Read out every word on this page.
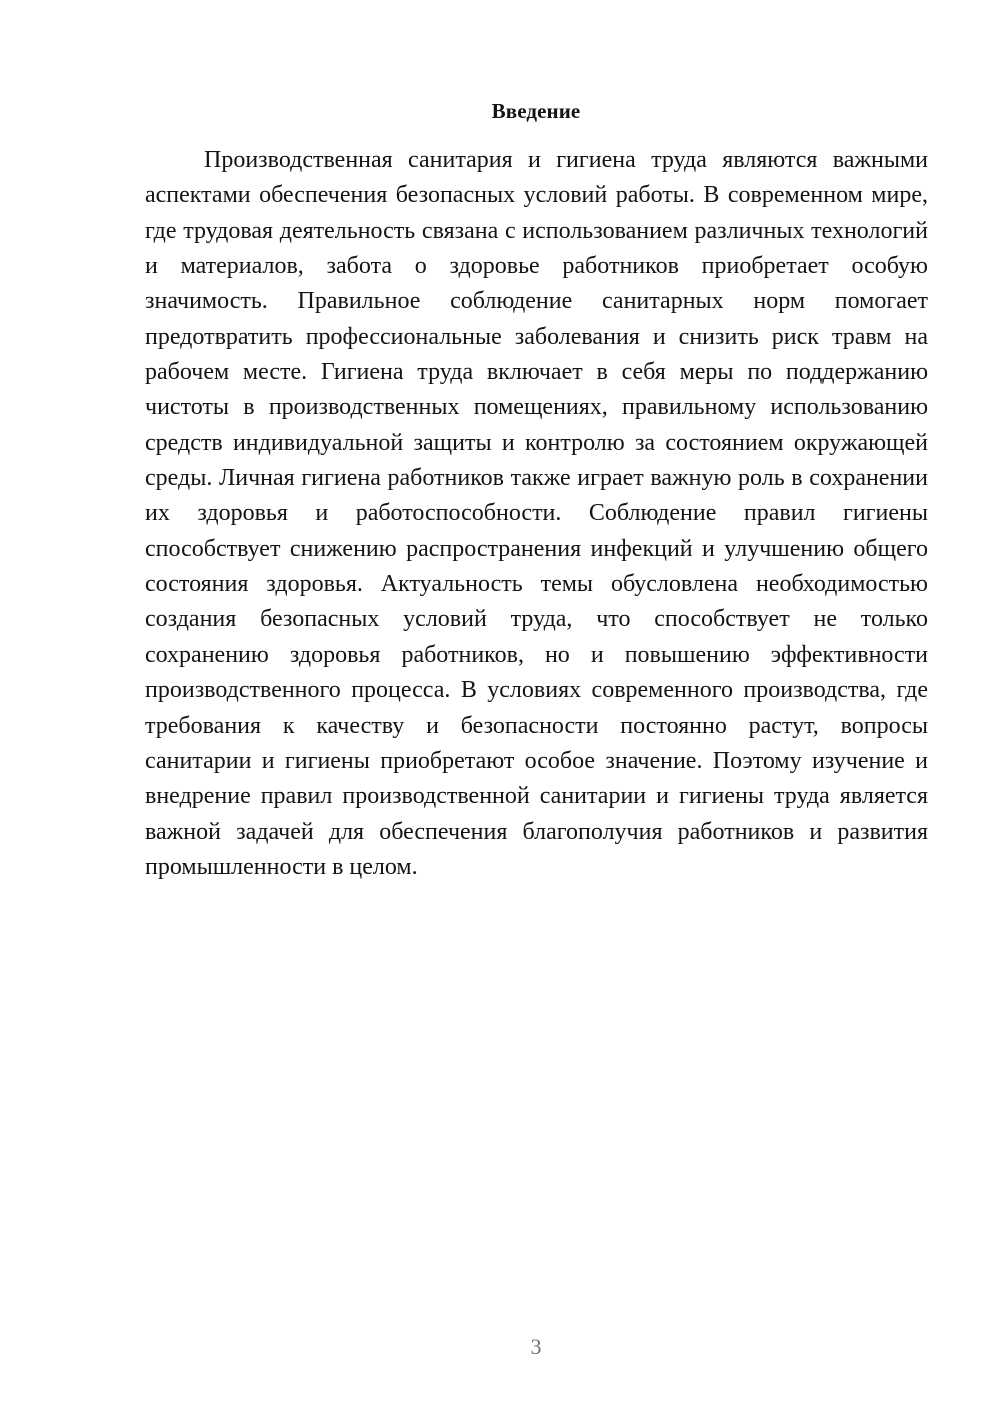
Введение

Производственная санитария и гигиена труда являются важными аспектами обеспечения безопасных условий работы. В современном мире, где трудовая деятельность связана с использованием различных технологий и материалов, забота о здоровье работников приобретает особую значимость. Правильное соблюдение санитарных норм помогает предотвратить профессиональные заболевания и снизить риск травм на рабочем месте. Гигиена труда включает в себя меры по поддержанию чистоты в производственных помещениях, правильному использованию средств индивидуальной защиты и контролю за состоянием окружающей среды. Личная гигиена работников также играет важную роль в сохранении их здоровья и работоспособности. Соблюдение правил гигиены способствует снижению распространения инфекций и улучшению общего состояния здоровья. Актуальность темы обусловлена необходимостью создания безопасных условий труда, что способствует не только сохранению здоровья работников, но и повышению эффективности производственного процесса. В условиях современного производства, где требования к качеству и безопасности постоянно растут, вопросы санитарии и гигиены приобретают особое значение. Поэтому изучение и внедрение правил производственной санитарии и гигиены труда является важной задачей для обеспечения благополучия работников и развития промышленности в целом.

3
